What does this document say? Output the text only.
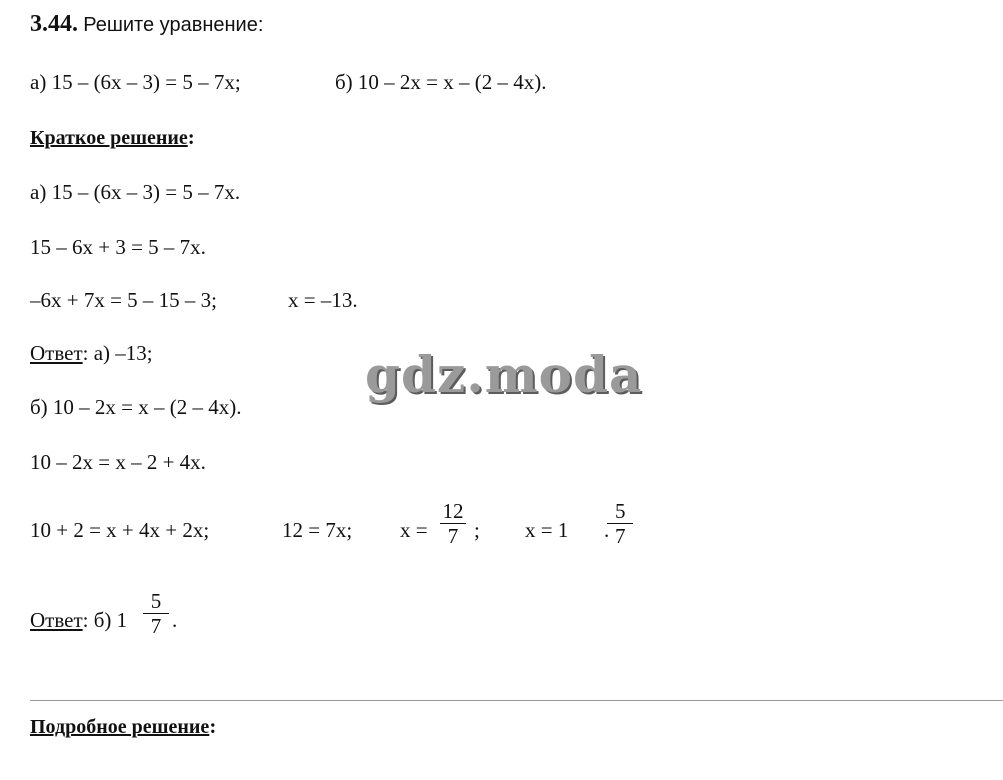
3.44. Решите уравнение:
а) 15 – (6x – 3) = 5 – 7x;	б) 10 – 2x = x – (2 – 4x).
Краткое решение:
а) 15 – (6x – 3) = 5 – 7x.
15 – 6x + 3 = 5 – 7x.
–6x + 7x = 5 – 15 – 3;	x = –13.
Ответ: а) –13;	gdz.moda
б) 10 – 2x = x – (2 – 4x).
10 – 2x = x – 2 + 4x.
10 + 2 = x + 4x + 2x;	12 = 7x; $x = \frac{12}{7}$
; $x = 1 \frac{5}{7}$
.
Ответ: б) $1 \frac{5}{7}$ .
Подробное решение:
